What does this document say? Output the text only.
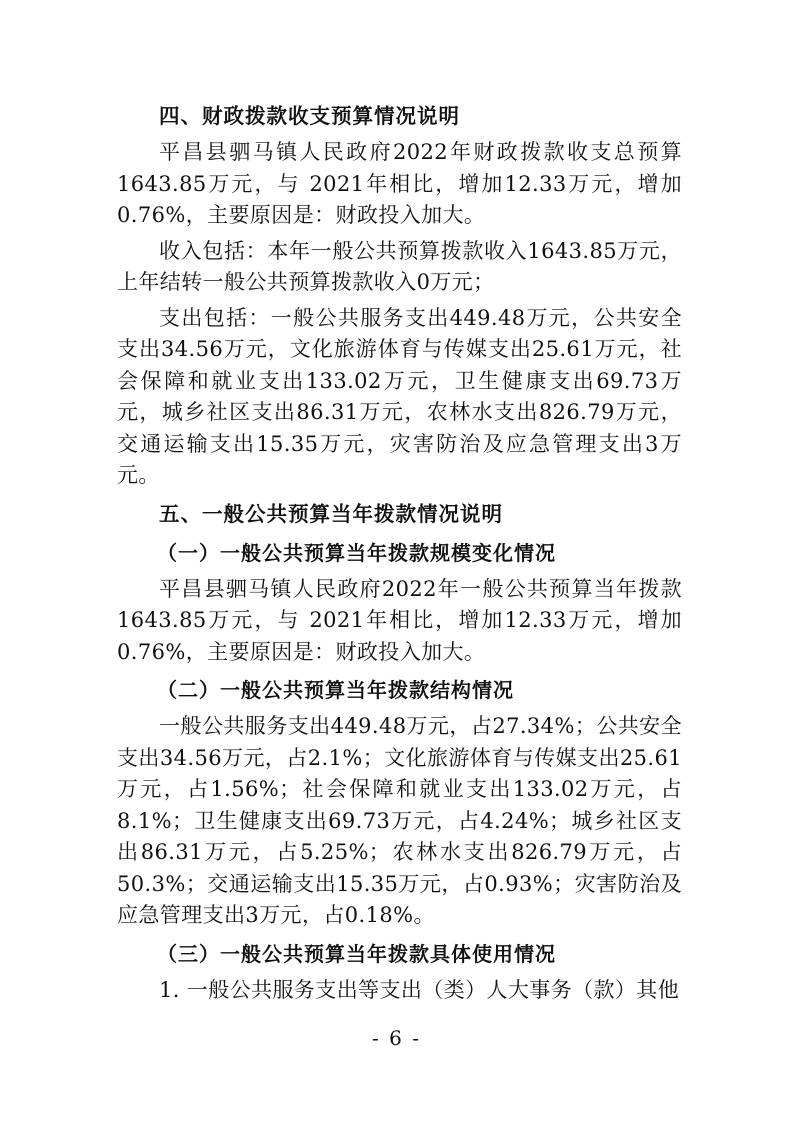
四、财政拨款收支预算情况说明

平昌县驷马镇人民政府2022年财政拨款收支总预算1643.85万元，与 2021年相比，增加12.33万元，增加0.76%，主要原因是：财政投入加大。

收入包括：本年一般公共预算拨款收入1643.85万元，上年结转一般公共预算拨款收入0万元；

支出包括：一般公共服务支出449.48万元，公共安全支出34.56万元，文化旅游体育与传媒支出25.61万元，社会保障和就业支出133.02万元，卫生健康支出69.73万元，城乡社区支出86.31万元，农林水支出826.79万元，交通运输支出15.35万元，灾害防治及应急管理支出3万元。

五、一般公共预算当年拨款情况说明
（一）一般公共预算当年拨款规模变化情况

平昌县驷马镇人民政府2022年一般公共预算当年拨款1643.85万元，与 2021年相比，增加12.33万元，增加0.76%，主要原因是：财政投入加大。

（二）一般公共预算当年拨款结构情况

一般公共服务支出449.48万元，占27.34%；公共安全支出34.56万元，占2.1%；文化旅游体育与传媒支出25.61万元，占1.56%；社会保障和就业支出133.02万元，占8.1%；卫生健康支出69.73万元，占4.24%；城乡社区支出86.31万元，占5.25%；农林水支出826.79万元，占50.3%；交通运输支出15.35万元，占0.93%；灾害防治及应急管理支出3万元，占0.18%。

（三）一般公共预算当年拨款具体使用情况

1. 一般公共服务支出等支出（类）人大事务（款）其他

- 6 -
